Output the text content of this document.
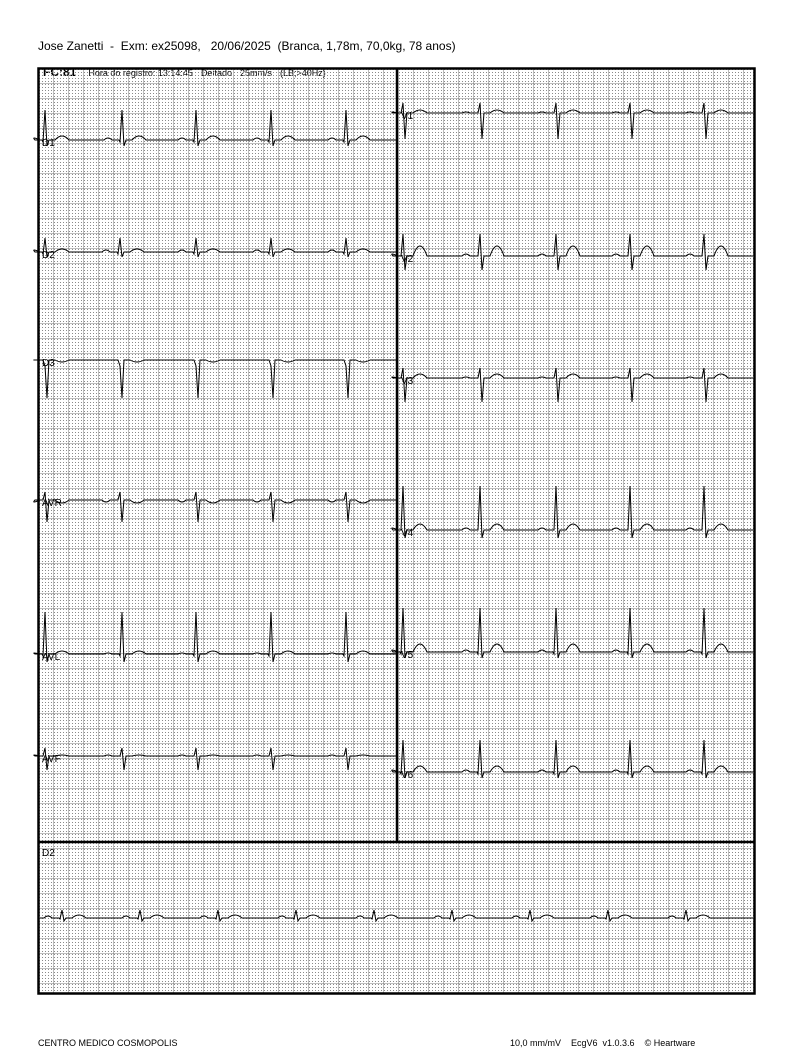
Jose Zanetti  -  Exm: ex25098,   20/06/2025  (Branca, 1,78m, 70,0kg, 78 anos)

D1
D2
D3
AVR
AVL
AVF
V1
V2
V3
V4
V5
V6
D2
CENTRO MEDICO COSMOPOLIS	10,0 mm/mV EcgV6  v1.0.3.6 © Heartware
